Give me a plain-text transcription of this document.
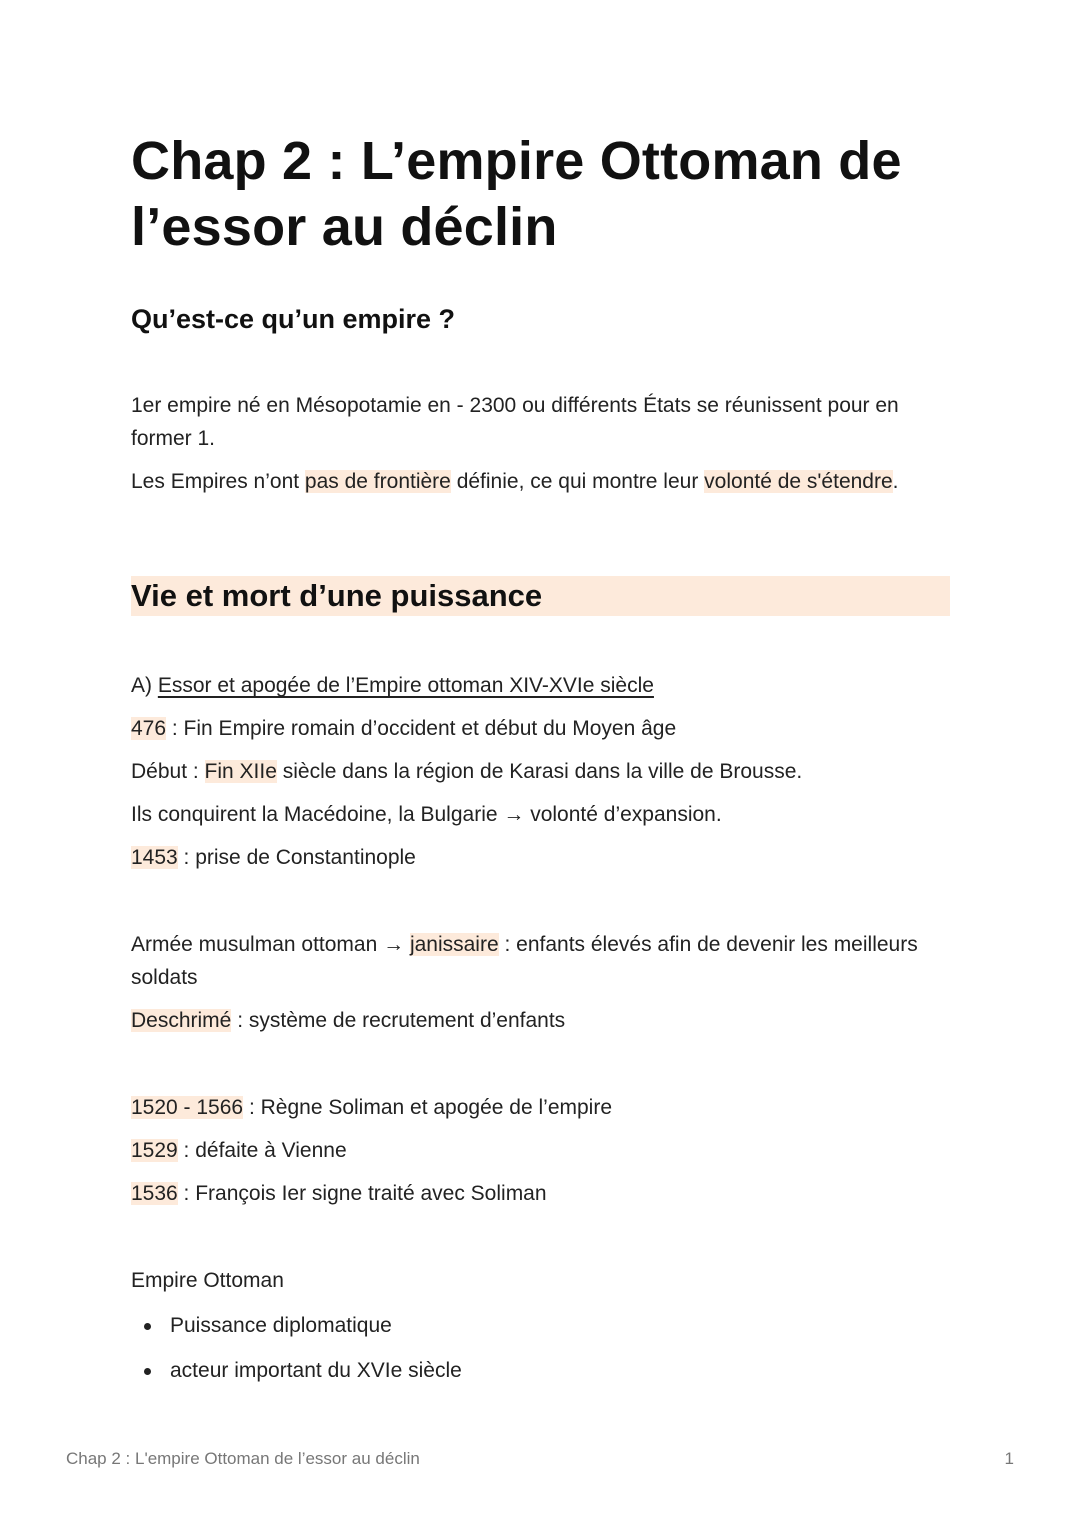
Chap 2 : L’empire Ottoman de l’essor au déclin
Qu’est-ce qu’un empire ?

1er empire né en Mésopotamie en - 2300 ou différents États se réunissent pour en former 1.

Les Empires n’ont pas de frontière définie, ce qui montre leur volonté de s'étendre.

Vie et mort d’une puissance

A) Essor et apogée de l’Empire ottoman XIV-XVIe siècle

476 : Fin Empire romain d’occident et début du Moyen âge

Début : Fin XIIe siècle dans la région de Karasi dans la ville de Brousse.

Ils conquirent la Macédoine, la Bulgarie → volonté d’expansion.

1453 : prise de Constantinople

Armée musulman ottoman → janissaire : enfants élevés afin de devenir les meilleurs soldats

Deschrimé : système de recrutement d’enfants

1520 - 1566 : Règne Soliman et apogée de l’empire

1529 : défaite à Vienne

1536 : François Ier signe traité avec Soliman

Empire Ottoman

Puissance diplomatique
acteur important du XVIe siècle
Chap 2 : L'empire Ottoman de l’essor au déclin	1
